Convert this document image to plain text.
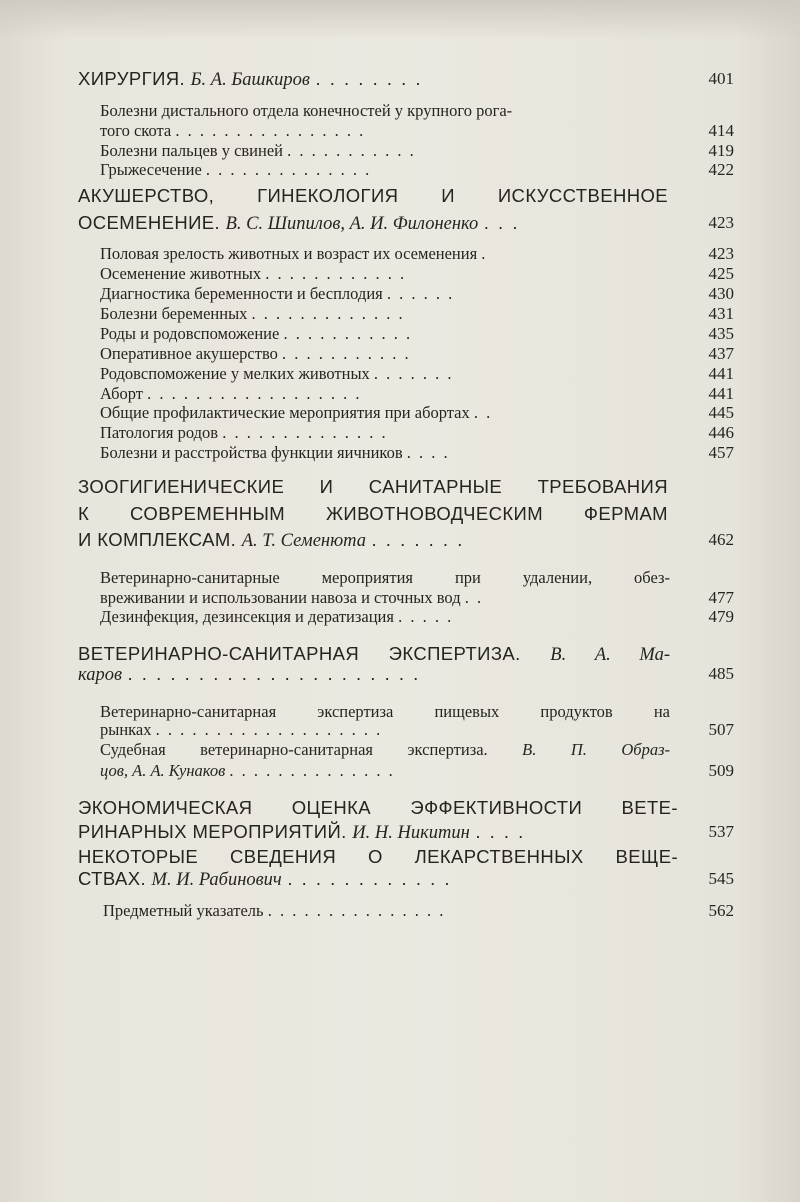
ХИРУРГИЯ. Б. А. Башкиров . . . . . . . .	401
Болезни дистального отдела конечностей у крупного рога-
того скота . . . . . . . . . . . . . . . .	414
Болезни пальцев у свиней . . . . . . . . . . .	419
Грыжесечение . . . . . . . . . . . . . .	422
АКУШЕРСТВО, ГИНЕКОЛОГИЯ И ИСКУССТВЕННОЕ
ОСЕМЕНЕНИЕ. В. С. Шипилов, А. И. Филоненко . . .	423
Половая зрелость животных и возраст их осеменения .	423
Осеменение животных . . . . . . . . . . . .	425
Диагностика беременности и бесплодия . . . . . .	430
Болезни беременных . . . . . . . . . . . . .	431
Роды и родовспоможение . . . . . . . . . . .	435
Оперативное акушерство . . . . . . . . . . .	437
Родовспоможение у мелких животных . . . . . . .	441
Аборт . . . . . . . . . . . . . . . . . .	441
Общие профилактические мероприятия при абортах . .	445
Патология родов . . . . . . . . . . . . . .	446
Болезни и расстройства функции яичников . . . .	457
ЗООГИГИЕНИЧЕСКИЕ И САНИТАРНЫЕ ТРЕБОВАНИЯ
К СОВРЕМЕННЫМ ЖИВОТНОВОДЧЕСКИМ ФЕРМАМ
И КОМПЛЕКСАМ. А. Т. Семенюта . . . . . . .	462
Ветеринарно-санитарные мероприятия при удалении, обез-
вреживании и использовании навоза и сточных вод . .	477
Дезинфекция, дезинсекция и дератизация . . . . .	479
ВЕТЕРИНАРНО-САНИТАРНАЯ ЭКСПЕРТИЗА. В. А. Ма-
каров . . . . . . . . . . . . . . . . . . . . .	485
Ветеринарно-санитарная экспертиза пищевых продуктов на
рынках . . . . . . . . . . . . . . . . . . .	507
Судебная ветеринарно-санитарная экспертиза. В. П. Образ-
цов, А. А. Кунаков . . . . . . . . . . . . . .	509
ЭКОНОМИЧЕСКАЯ ОЦЕНКА ЭФФЕКТИВНОСТИ ВЕТЕ-
РИНАРНЫХ МЕРОПРИЯТИЙ. И. Н. Никитин . . . .	537
НЕКОТОРЫЕ СВЕДЕНИЯ О ЛЕКАРСТВЕННЫХ ВЕЩЕ-
СТВАХ. М. И. Рабинович . . . . . . . . . . . .	545
Предметный указатель . . . . . . . . . . . . . . .	562
